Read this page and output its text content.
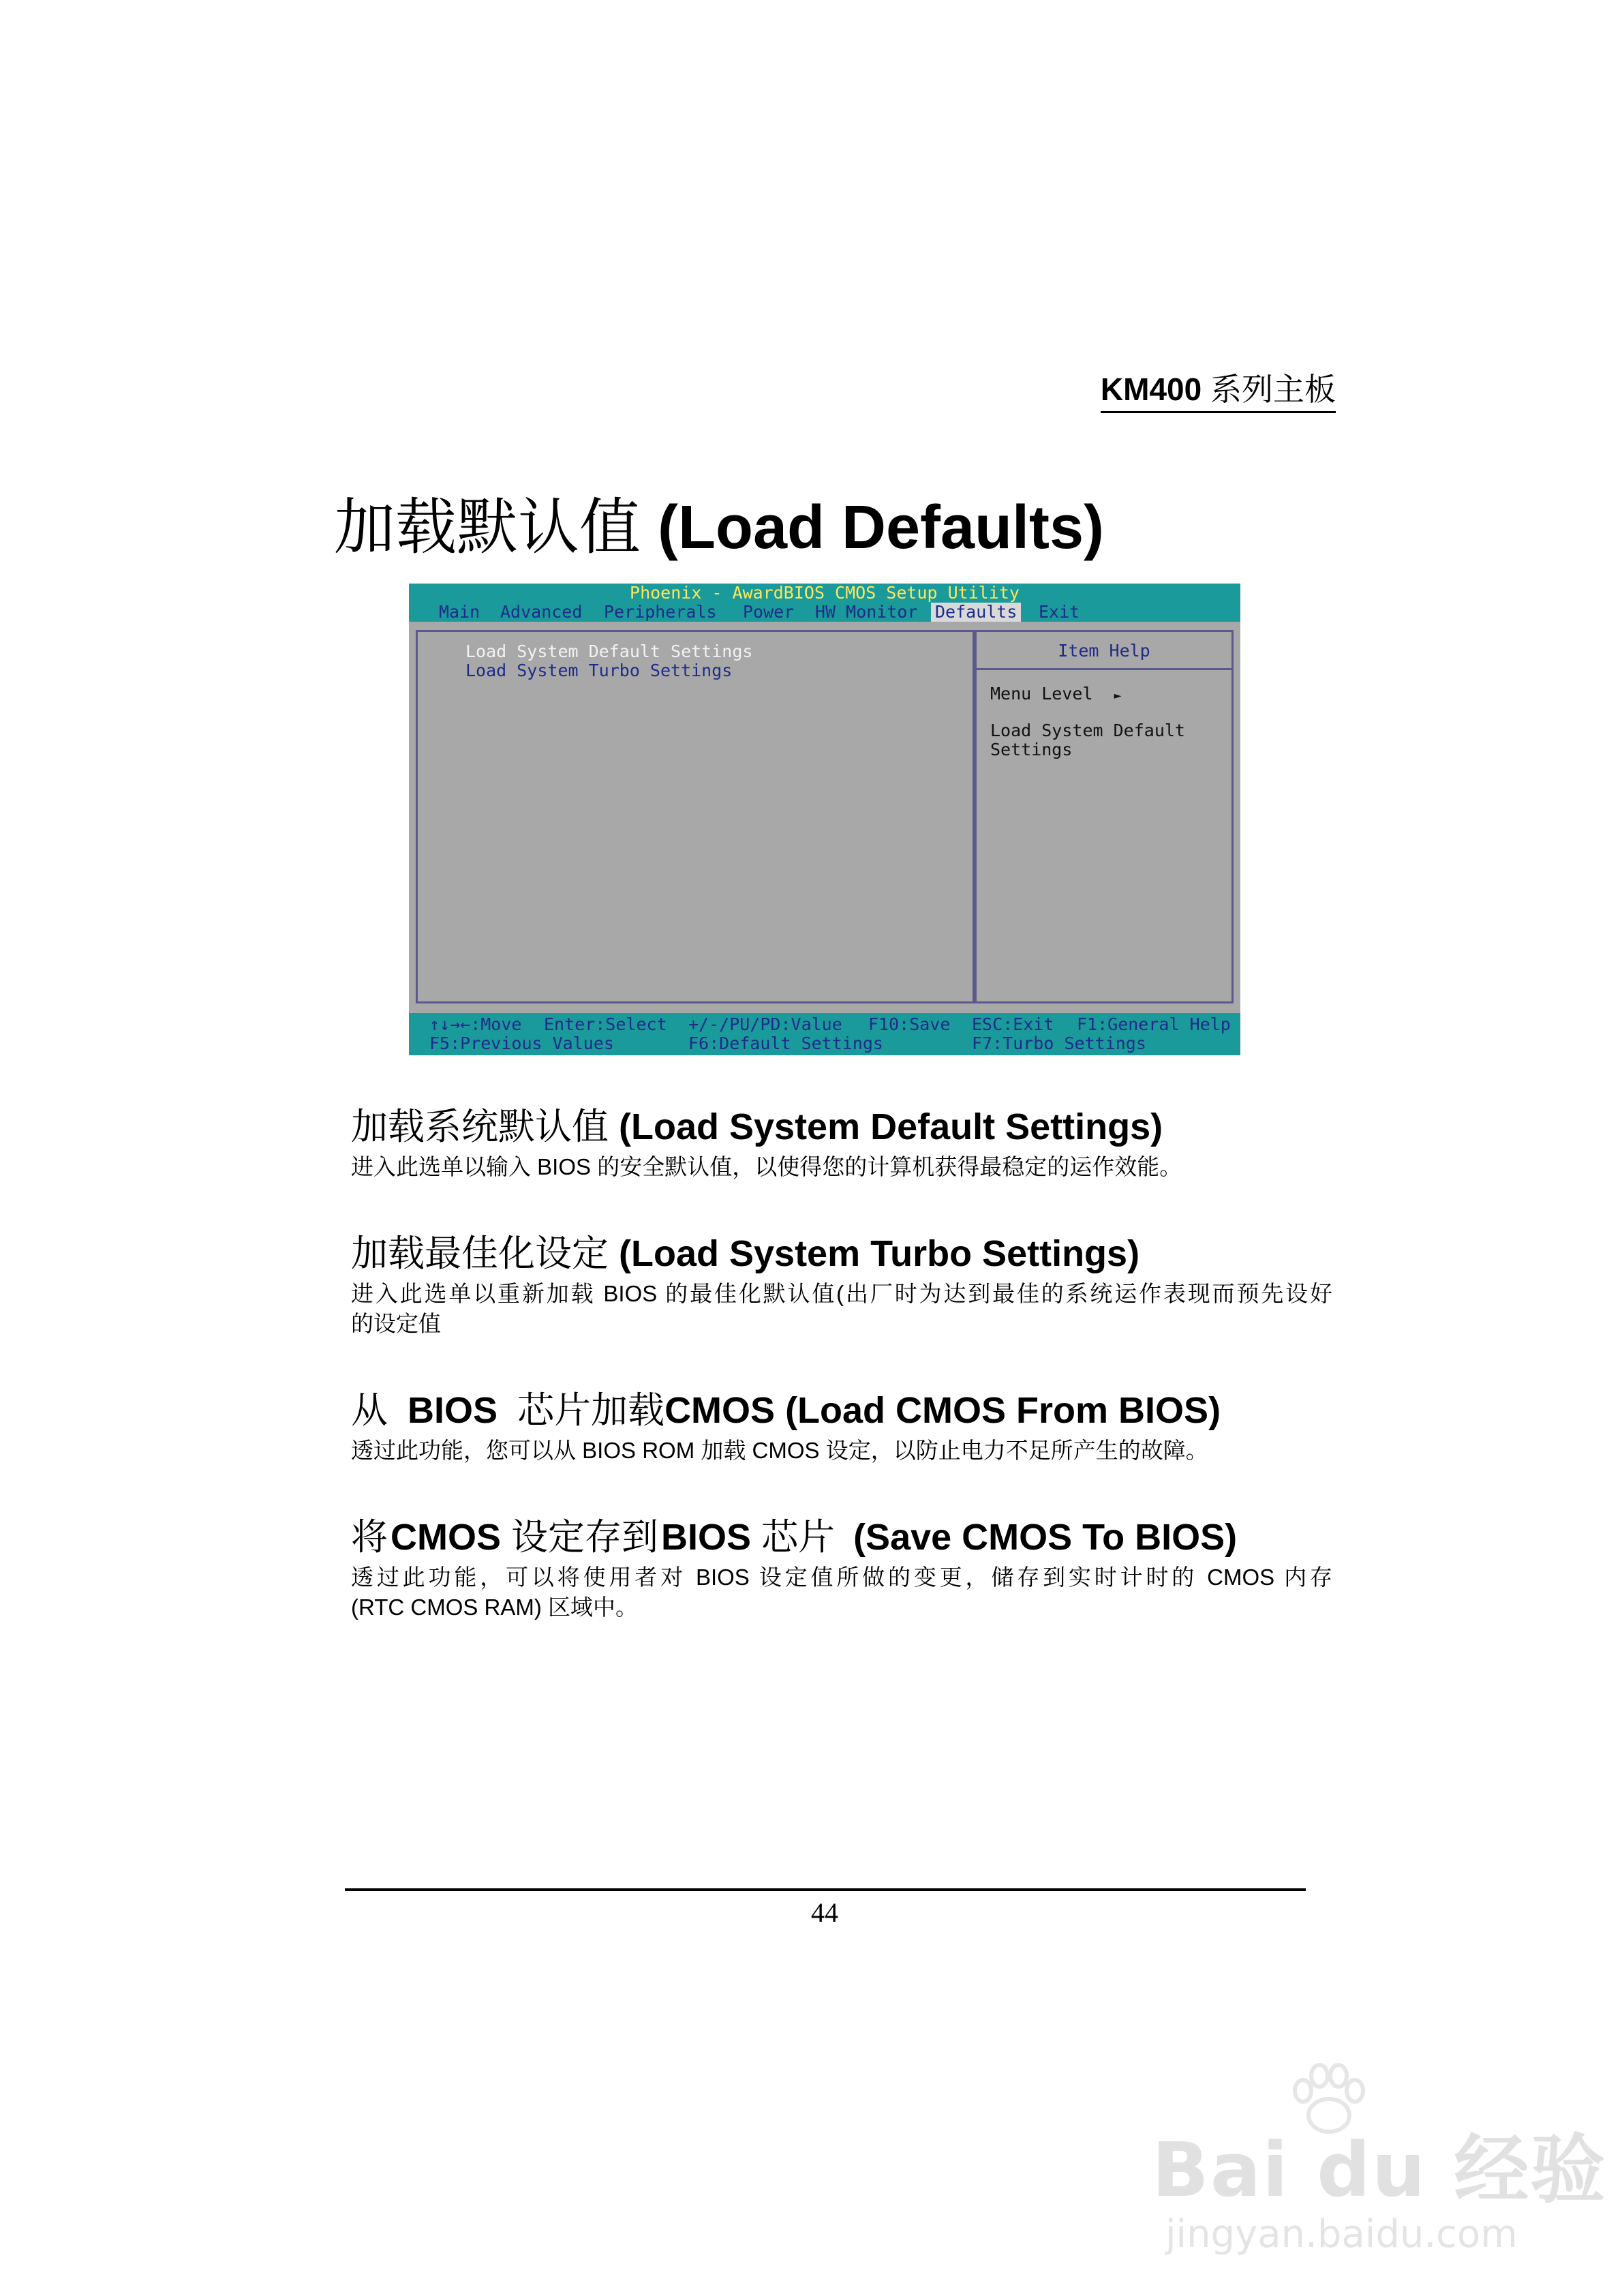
KM400 系列主板
加载默认值 (Load Defaults)
Phoenix - AwardBIOS CMOS Setup Utility
Main Advanced Peripherals Power HW Monitor Defaults Exit
Load System Default Settings
Load System Turbo Settings
Item Help
Menu Level ►
Load System Default
Settings
↑↓→←:Move Enter:Select +/-/PU/PD:Value F10:Save ESC:Exit F1:General Help
F5:Previous Values	F6:Default Settings	F7:Turbo Settings
加载系统默认值 (Load System Default Settings)
进入此选单以输入 BIOS 的安全默认值，以使得您的计算机获得最稳定的运作效能。
加载最佳化设定 (Load System Turbo Settings)
进入此选单以重新加载 BIOS 的最佳化默认值(出厂时为达到最佳的系统运作表现而预先设好
的设定值
从 BIOS 芯片加载CMOS (Load CMOS From BIOS)
透过此功能，您可以从 BIOS ROM 加载 CMOS 设定，以防止电力不足所产生的故障。
将CMOS 设定存到BIOS 芯片 (Save CMOS To BIOS)
透过此功能，可以将使用者对 BIOS 设定值所做的变更，储存到实时计时的 CMOS 内存
(RTC CMOS RAM) 区域中。
44
Bai du 经验
jingyan.baidu.com
